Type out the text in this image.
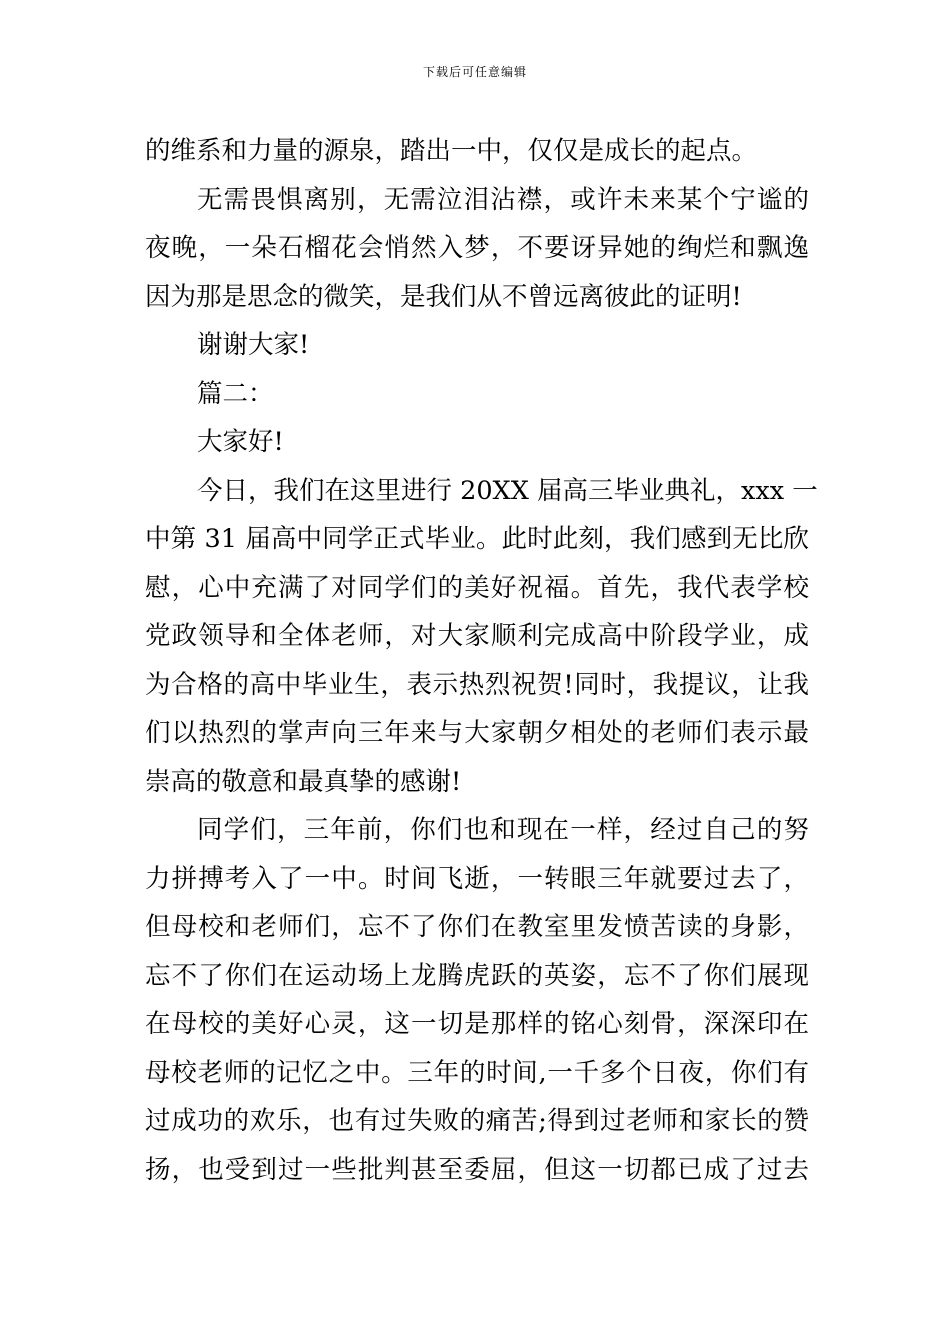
下载后可任意编辑
的维系和力量的源泉，踏出一中，仅仅是成长的起点。
无需畏惧离别，无需泣泪沾襟，或许未来某个宁谧的
夜晚，一朵石榴花会悄然入梦，不要讶异她的绚烂和飘逸
因为那是思念的微笑，是我们从不曾远离彼此的证明!
谢谢大家!
篇二：
大家好!
今日，我们在这里进行 20XX 届高三毕业典礼，xxx 一
中第 31 届高中同学正式毕业。此时此刻，我们感到无比欣
慰，心中充满了对同学们的美好祝福。首先，我代表学校
党政领导和全体老师，对大家顺利完成高中阶段学业，成
为合格的高中毕业生，表示热烈祝贺!同时，我提议，让我
们以热烈的掌声向三年来与大家朝夕相处的老师们表示最
崇高的敬意和最真挚的感谢!
同学们，三年前，你们也和现在一样，经过自己的努
力拼搏考入了一中。时间飞逝，一转眼三年就要过去了，
但母校和老师们，忘不了你们在教室里发愤苦读的身影，
忘不了你们在运动场上龙腾虎跃的英姿，忘不了你们展现
在母校的美好心灵，这一切是那样的铭心刻骨，深深印在
母校老师的记忆之中。三年的时间,一千多个日夜，你们有
过成功的欢乐，也有过失败的痛苦;得到过老师和家长的赞
扬，也受到过一些批判甚至委屈，但这一切都已成了过去
